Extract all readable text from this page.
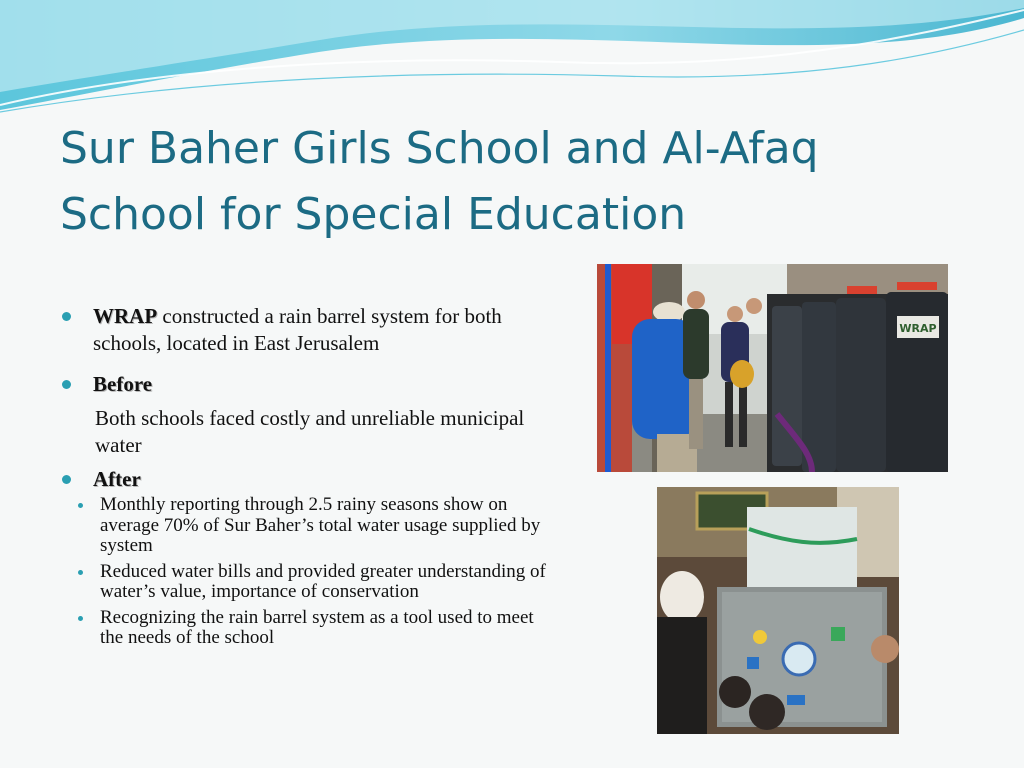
Sur Baher Girls School and Al-Afaq
School for Special Education
WRAP constructed a rain barrel system for both schools, located in East Jerusalem
Before
Both schools faced costly and unreliable municipal water
After
Monthly reporting through 2.5 rainy seasons show on average 70% of Sur Baher’s total water usage supplied by system
Reduced water bills and provided greater understanding of water’s value, importance of conservation
Recognizing the rain barrel system as a tool used to meet the needs of the school
WRAP
